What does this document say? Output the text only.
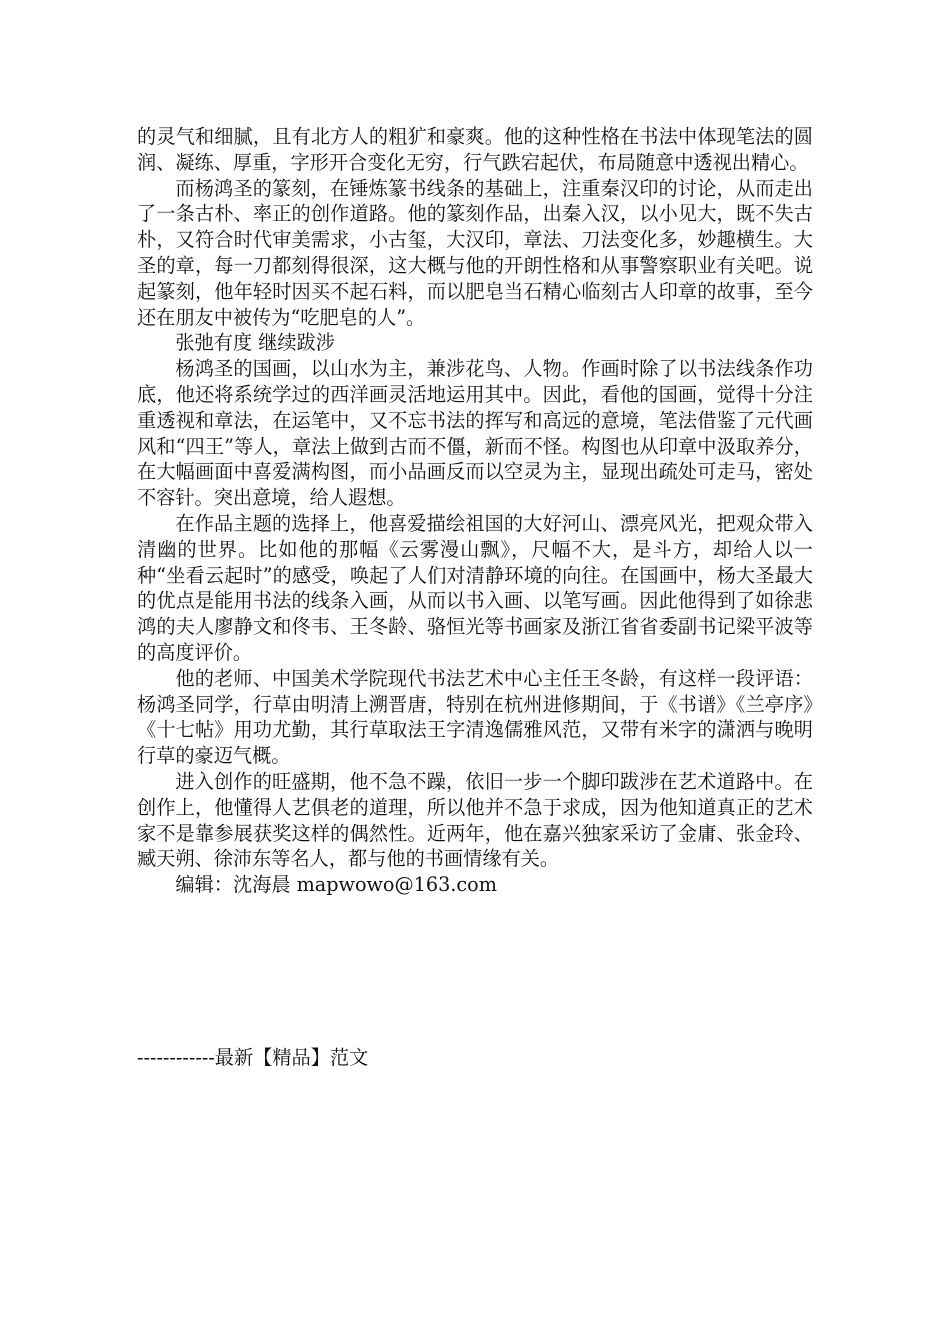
的灵气和细腻，且有北方人的粗犷和豪爽。他的这种性格在书法中体现笔法的圆润、凝练、厚重，字形开合变化无穷，行气跌宕起伏，布局随意中透视出精心。

而杨鸿圣的篆刻，在锤炼篆书线条的基础上，注重秦汉印的讨论，从而走出了一条古朴、率正的创作道路。他的篆刻作品，出秦入汉，以小见大，既不失古朴，又符合时代审美需求，小古玺，大汉印，章法、刀法变化多，妙趣横生。大圣的章，每一刀都刻得很深，这大概与他的开朗性格和从事警察职业有关吧。说起篆刻，他年轻时因买不起石料，而以肥皂当石精心临刻古人印章的故事，至今还在朋友中被传为“吃肥皂的人”。

张弛有度 继续跋涉

杨鸿圣的国画，以山水为主，兼涉花鸟、人物。作画时除了以书法线条作功底，他还将系统学过的西洋画灵活地运用其中。因此，看他的国画，觉得十分注重透视和章法，在运笔中，又不忘书法的挥写和高远的意境，笔法借鉴了元代画风和“四王”等人，章法上做到古而不僵，新而不怪。构图也从印章中汲取养分，在大幅画面中喜爱满构图，而小品画反而以空灵为主，显现出疏处可走马，密处不容针。突出意境，给人遐想。

在作品主题的选择上，他喜爱描绘祖国的大好河山、漂亮风光，把观众带入清幽的世界。比如他的那幅《云雾漫山飘》，尺幅不大，是斗方，却给人以一种“坐看云起时”的感受，唤起了人们对清静环境的向往。在国画中，杨大圣最大的优点是能用书法的线条入画，从而以书入画、以笔写画。因此他得到了如徐悲鸿的夫人廖静文和佟韦、王冬龄、骆恒光等书画家及浙江省省委副书记梁平波等的高度评价。

他的老师、中国美术学院现代书法艺术中心主任王冬龄，有这样一段评语：杨鸿圣同学，行草由明清上溯晋唐，特别在杭州进修期间，于《书谱》《兰亭序》《十七帖》用功尤勤，其行草取法王字清逸儒雅风范，又带有米字的潇洒与晚明行草的豪迈气概。

进入创作的旺盛期，他不急不躁，依旧一步一个脚印跋涉在艺术道路中。在创作上，他懂得人艺俱老的道理，所以他并不急于求成，因为他知道真正的艺术家不是靠参展获奖这样的偶然性。近两年，他在嘉兴独家采访了金庸、张金玲、臧天朔、徐沛东等名人，都与他的书画情缘有关。

编辑：沈海晨 mapwowo@163.com

------------最新【精品】范文
